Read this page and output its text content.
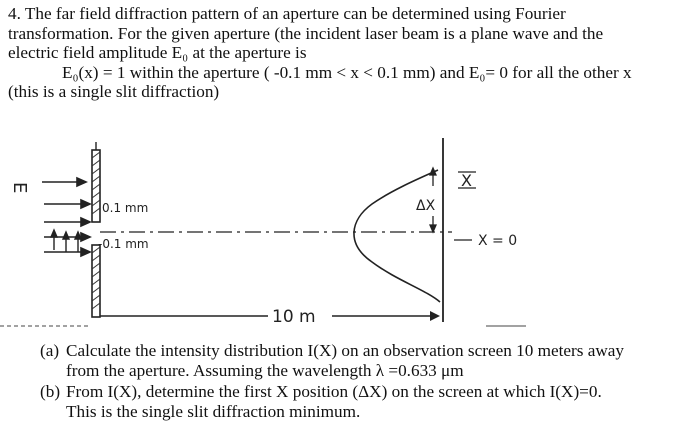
4. The far field diffraction pattern of an aperture can be determined using Fourier

transformation. For the given aperture (the incident laser beam is a plane wave and the

electric field amplitude E₀ at the aperture is

E₀(x) = 1 within the aperture ( -0.1 mm < x < 0.1 mm) and E₀= 0 for all the other x

(this is a single slit diffraction)

E
0.1 mm
-0.1 mm
10 m
ΔX
X
X = 0
(a) Calculate the intensity distribution I(X) on an observation screen 10 meters away
from the aperture. Assuming the wavelength λ =0.633 μm
(b) From I(X), determine the first X position (ΔX) on the screen at which I(X)=0.
This is the single slit diffraction minimum.
